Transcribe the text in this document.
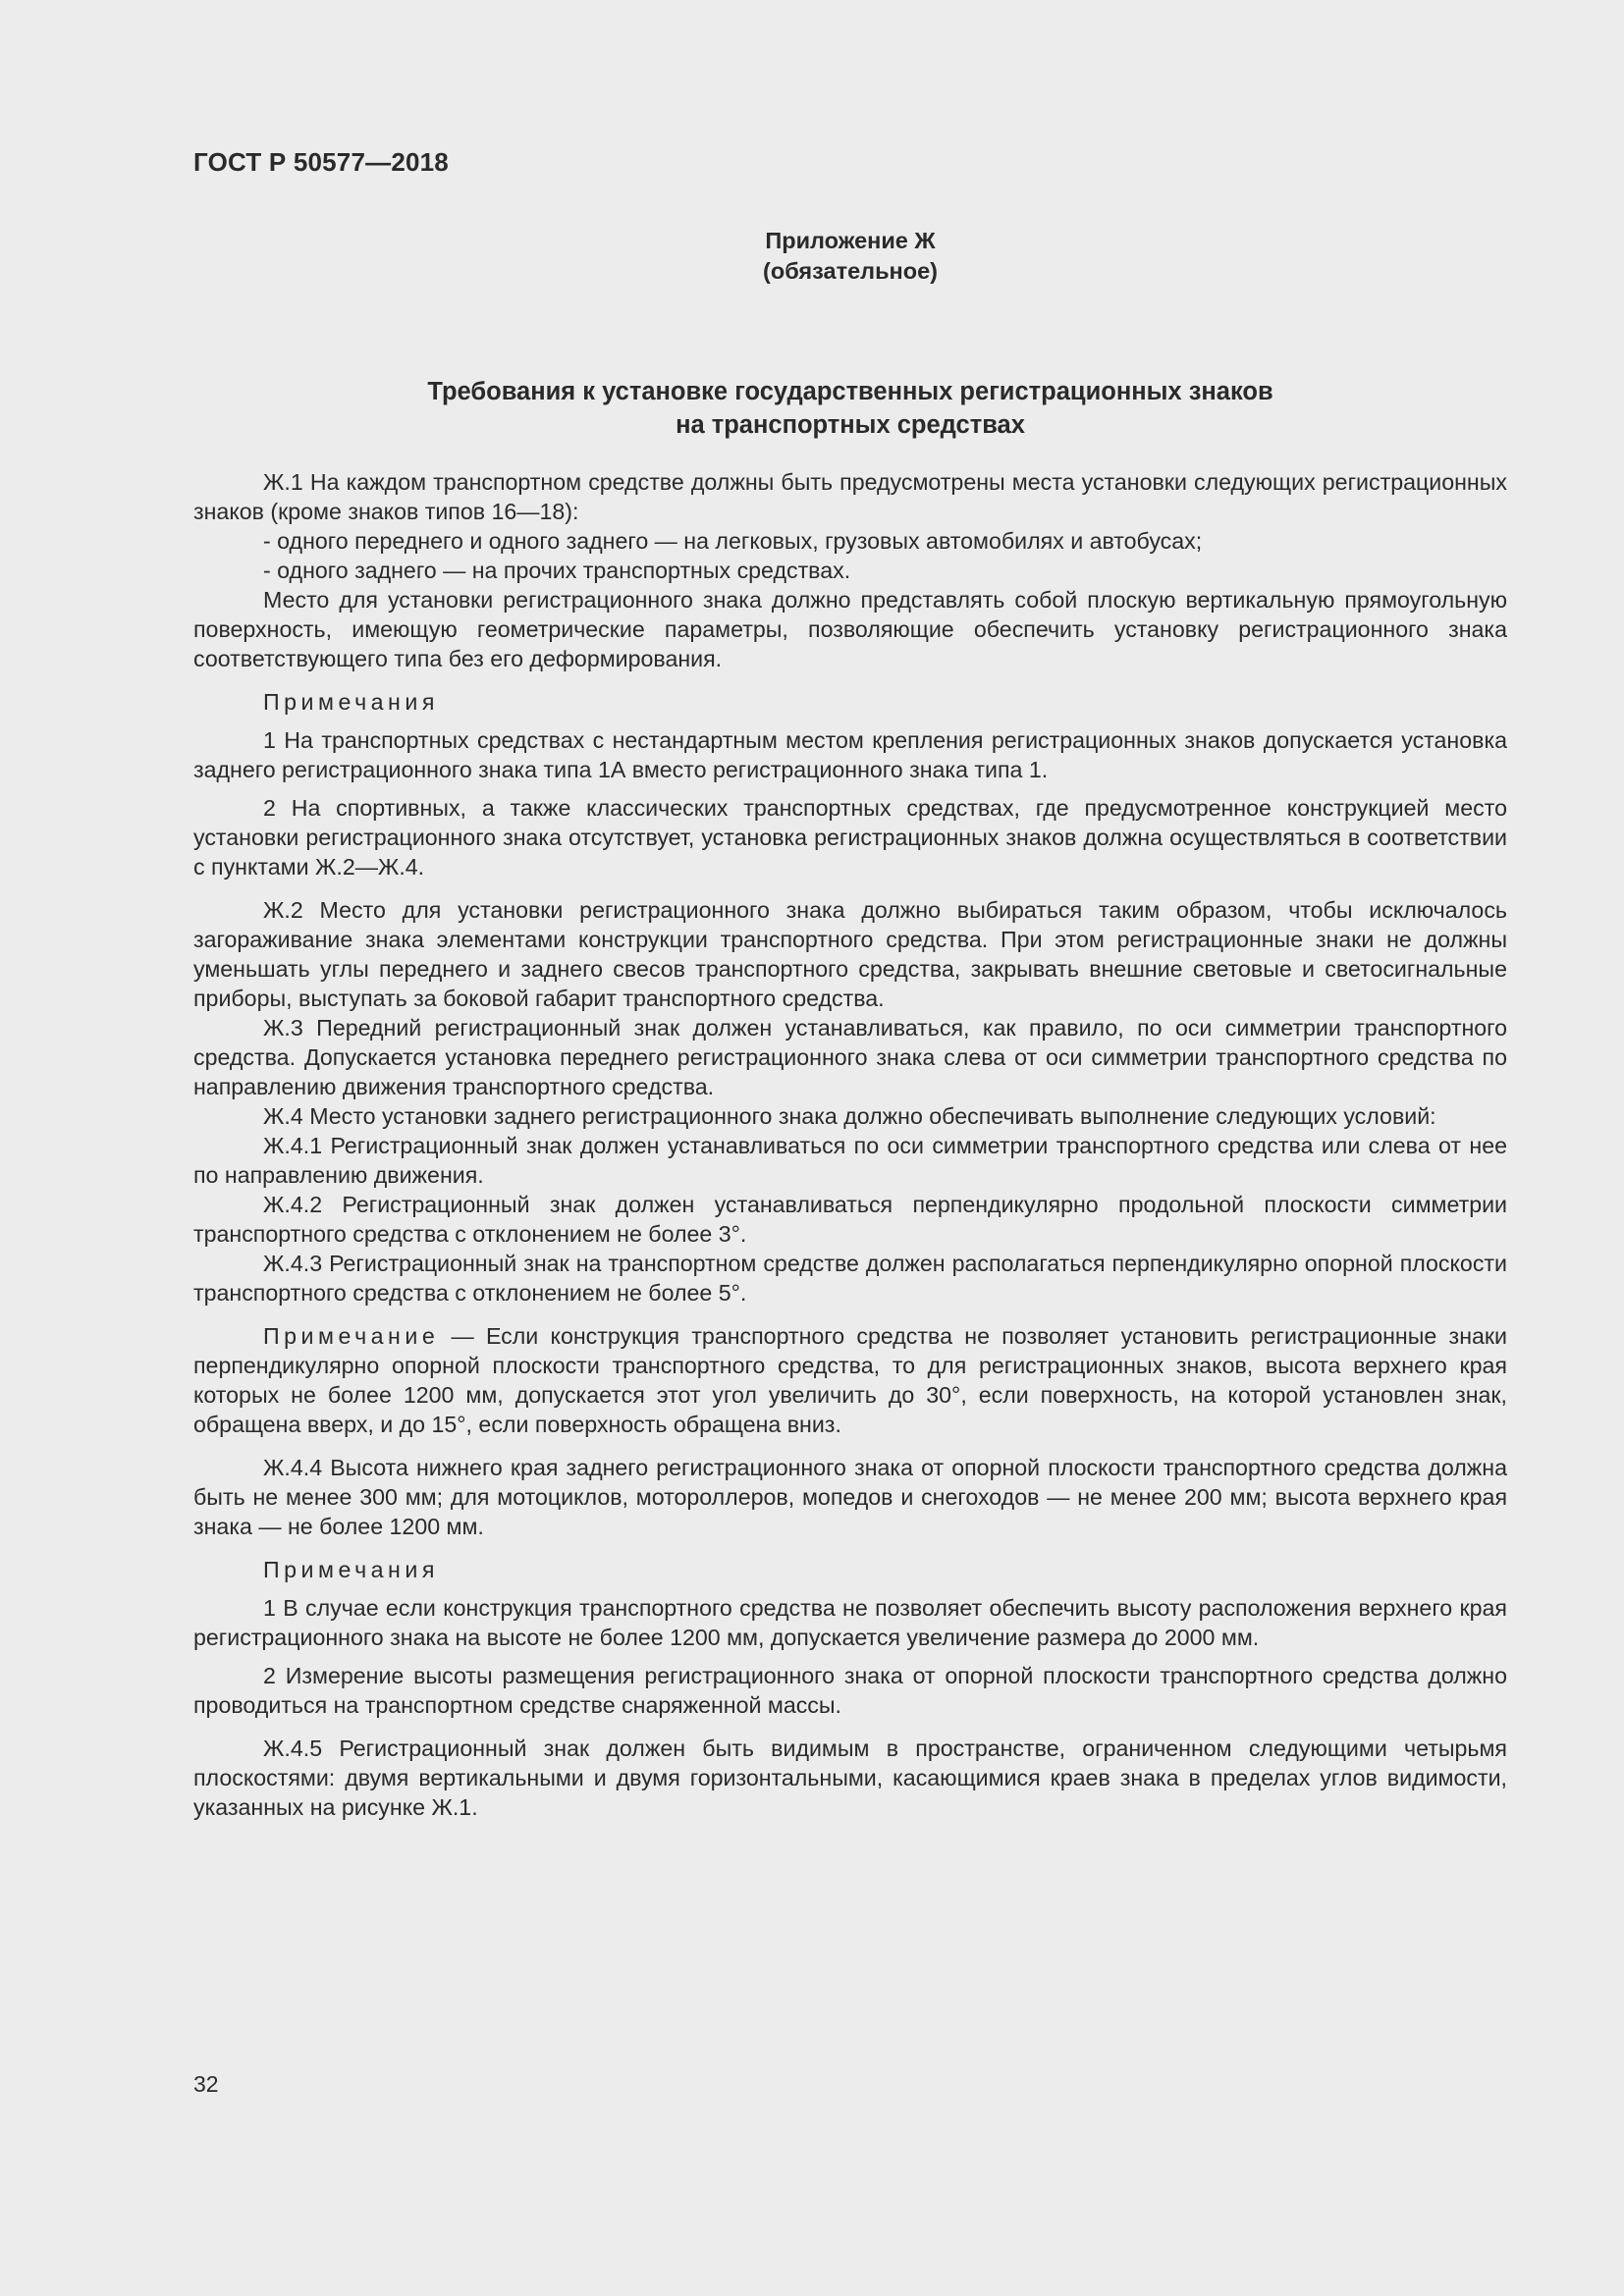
ГОСТ Р 50577—2018
Приложение Ж
(обязательное)
Требования к установке государственных регистрационных знаков
на транспортных средствах

Ж.1 На каждом транспортном средстве должны быть предусмотрены места установки следующих регистрационных знаков (кроме знаков типов 16—18):

- одного переднего и одного заднего — на легковых, грузовых автомобилях и автобусах;

- одного заднего — на прочих транспортных средствах.

Место для установки регистрационного знака должно представлять собой плоскую вертикальную прямоугольную поверхность, имеющую геометрические параметры, позволяющие обеспечить установку регистрационного знака соответствующего типа без его деформирования.

Примечания

1 На транспортных средствах с нестандартным местом крепления регистрационных знаков допускается установка заднего регистрационного знака типа 1А вместо регистрационного знака типа 1.

2 На спортивных, а также классических транспортных средствах, где предусмотренное конструкцией место установки регистрационного знака отсутствует, установка регистрационных знаков должна осуществляться в соответствии с пунктами Ж.2—Ж.4.

Ж.2 Место для установки регистрационного знака должно выбираться таким образом, чтобы исключалось загораживание знака элементами конструкции транспортного средства. При этом регистрационные знаки не должны уменьшать углы переднего и заднего свесов транспортного средства, закрывать внешние световые и светосигнальные приборы, выступать за боковой габарит транспортного средства.

Ж.3 Передний регистрационный знак должен устанавливаться, как правило, по оси симметрии транспортного средства. Допускается установка переднего регистрационного знака слева от оси симметрии транспортного средства по направлению движения транспортного средства.

Ж.4 Место установки заднего регистрационного знака должно обеспечивать выполнение следующих условий:

Ж.4.1 Регистрационный знак должен устанавливаться по оси симметрии транспортного средства или слева от нее по направлению движения.

Ж.4.2 Регистрационный знак должен устанавливаться перпендикулярно продольной плоскости симметрии транспортного средства с отклонением не более 3°.

Ж.4.3 Регистрационный знак на транспортном средстве должен располагаться перпендикулярно опорной плоскости транспортного средства с отклонением не более 5°.

Примечание — Если конструкция транспортного средства не позволяет установить регистрационные знаки перпендикулярно опорной плоскости транспортного средства, то для регистрационных знаков, высота верхнего края которых не более 1200 мм, допускается этот угол увеличить до 30°, если поверхность, на которой установлен знак, обращена вверх, и до 15°, если поверхность обращена вниз.

Ж.4.4 Высота нижнего края заднего регистрационного знака от опорной плоскости транспортного средства должна быть не менее 300 мм; для мотоциклов, мотороллеров, мопедов и снегоходов — не менее 200 мм; высота верхнего края знака — не более 1200 мм.

Примечания

1 В случае если конструкция транспортного средства не позволяет обеспечить высоту расположения верхнего края регистрационного знака на высоте не более 1200 мм, допускается увеличение размера до 2000 мм.

2 Измерение высоты размещения регистрационного знака от опорной плоскости транспортного средства должно проводиться на транспортном средстве снаряженной массы.

Ж.4.5 Регистрационный знак должен быть видимым в пространстве, ограниченном следующими четырьмя плоскостями: двумя вертикальными и двумя горизонтальными, касающимися краев знака в пределах углов видимости, указанных на рисунке Ж.1.

32
